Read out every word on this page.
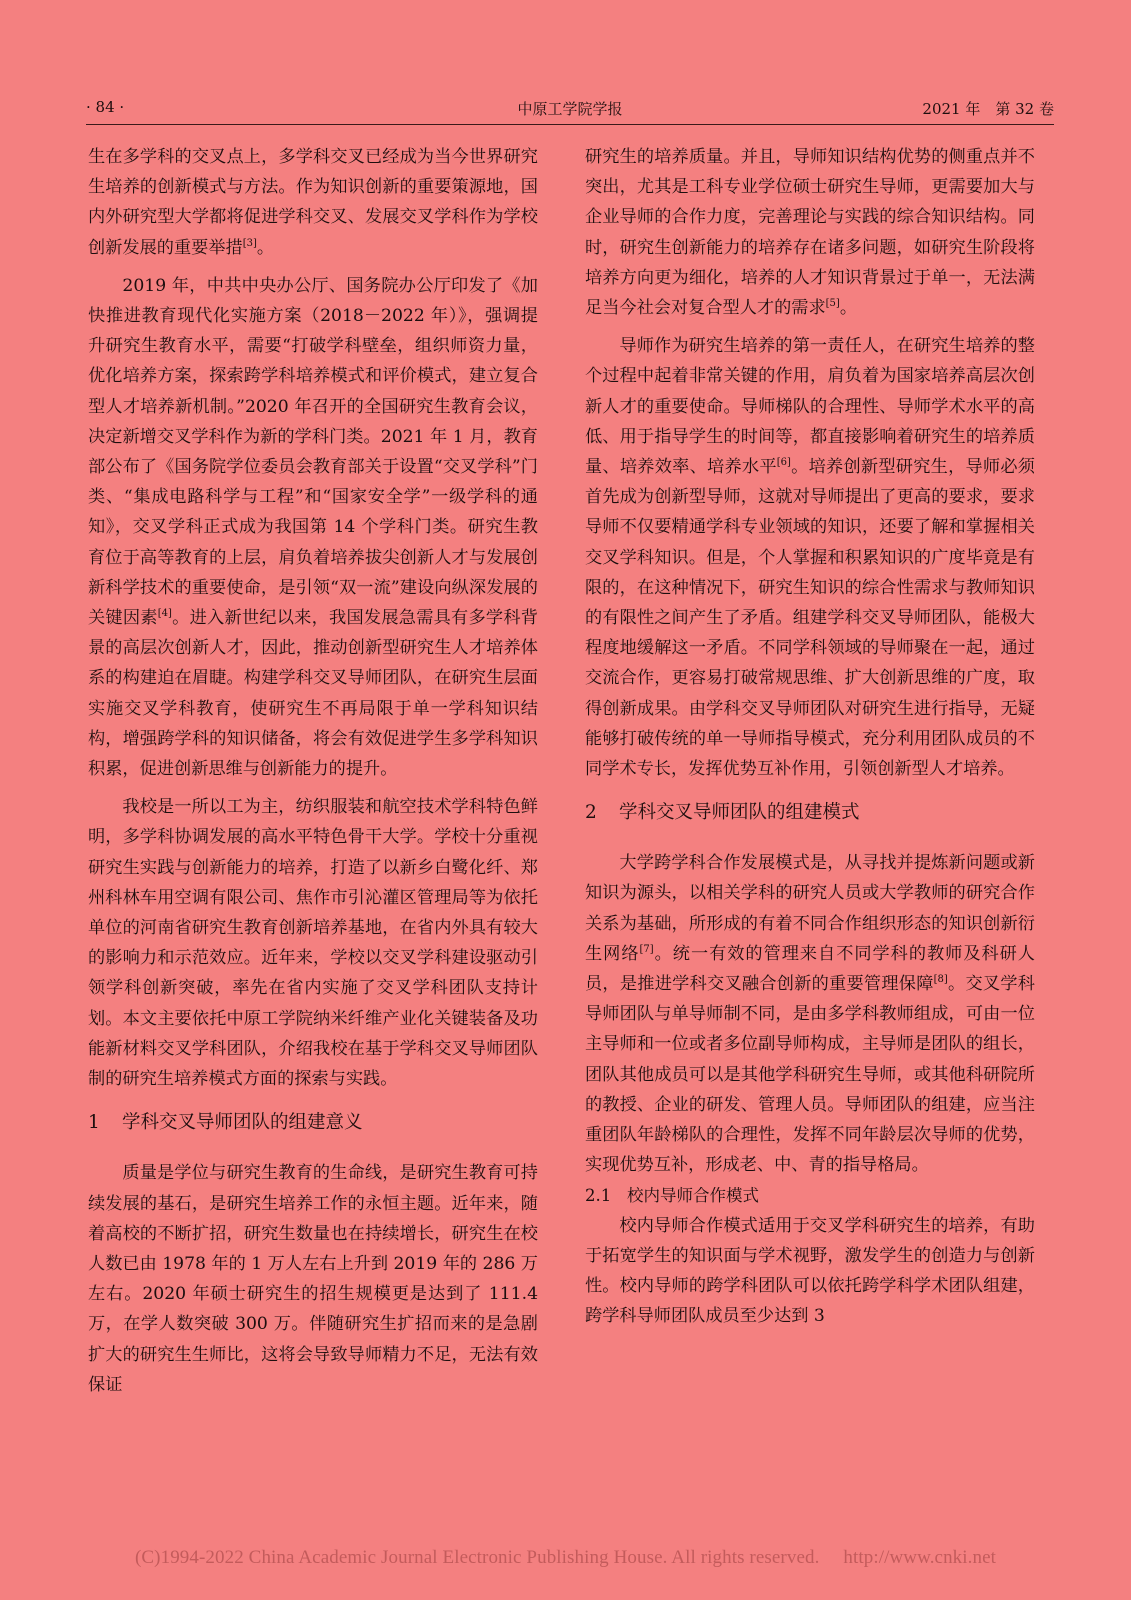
· 84 ·	中原工学院学报	2021 年　第 32 卷

生在多学科的交叉点上，多学科交叉已经成为当今世界研究生培养的创新模式与方法。作为知识创新的重要策源地，国内外研究型大学都将促进学科交叉、发展交叉学科作为学校创新发展的重要举措[3]。

2019 年，中共中央办公厅、国务院办公厅印发了《加快推进教育现代化实施方案（2018－2022 年）》，强调提升研究生教育水平，需要“打破学科壁垒，组织师资力量，优化培养方案，探索跨学科培养模式和评价模式，建立复合型人才培养新机制。”2020 年召开的全国研究生教育会议，决定新增交叉学科作为新的学科门类。2021 年 1 月，教育部公布了《国务院学位委员会教育部关于设置“交叉学科”门类、“集成电路科学与工程”和“国家安全学”一级学科的通知》，交叉学科正式成为我国第 14 个学科门类。研究生教育位于高等教育的上层，肩负着培养拔尖创新人才与发展创新科学技术的重要使命，是引领“双一流”建设向纵深发展的关键因素[4]。进入新世纪以来，我国发展急需具有多学科背景的高层次创新人才，因此，推动创新型研究生人才培养体系的构建迫在眉睫。构建学科交叉导师团队，在研究生层面实施交叉学科教育，使研究生不再局限于单一学科知识结构，增强跨学科的知识储备，将会有效促进学生多学科知识积累，促进创新思维与创新能力的提升。

我校是一所以工为主，纺织服装和航空技术学科特色鲜明，多学科协调发展的高水平特色骨干大学。学校十分重视研究生实践与创新能力的培养，打造了以新乡白鹭化纤、郑州科林车用空调有限公司、焦作市引沁灌区管理局等为依托单位的河南省研究生教育创新培养基地，在省内外具有较大的影响力和示范效应。近年来，学校以交叉学科建设驱动引领学科创新突破，率先在省内实施了交叉学科团队支持计划。本文主要依托中原工学院纳米纤维产业化关键装备及功能新材料交叉学科团队，介绍我校在基于学科交叉导师团队制的研究生培养模式方面的探索与实践。

1 学科交叉导师团队的组建意义

质量是学位与研究生教育的生命线，是研究生教育可持续发展的基石，是研究生培养工作的永恒主题。近年来，随着高校的不断扩招，研究生数量也在持续增长，研究生在校人数已由 1978 年的 1 万人左右上升到 2019 年的 286 万左右。2020 年硕士研究生的招生规模更是达到了 111.4 万，在学人数突破 300 万。伴随研究生扩招而来的是急剧扩大的研究生生师比，这将会导致导师精力不足，无法有效保证

研究生的培养质量。并且，导师知识结构优势的侧重点并不突出，尤其是工科专业学位硕士研究生导师，更需要加大与企业导师的合作力度，完善理论与实践的综合知识结构。同时，研究生创新能力的培养存在诸多问题，如研究生阶段将培养方向更为细化，培养的人才知识背景过于单一，无法满足当今社会对复合型人才的需求[5]。

导师作为研究生培养的第一责任人，在研究生培养的整个过程中起着非常关键的作用，肩负着为国家培养高层次创新人才的重要使命。导师梯队的合理性、导师学术水平的高低、用于指导学生的时间等，都直接影响着研究生的培养质量、培养效率、培养水平[6]。培养创新型研究生，导师必须首先成为创新型导师，这就对导师提出了更高的要求，要求导师不仅要精通学科专业领域的知识，还要了解和掌握相关交叉学科知识。但是，个人掌握和积累知识的广度毕竟是有限的，在这种情况下，研究生知识的综合性需求与教师知识的有限性之间产生了矛盾。组建学科交叉导师团队，能极大程度地缓解这一矛盾。不同学科领域的导师聚在一起，通过交流合作，更容易打破常规思维、扩大创新思维的广度，取得创新成果。由学科交叉导师团队对研究生进行指导，无疑能够打破传统的单一导师指导模式，充分利用团队成员的不同学术专长，发挥优势互补作用，引领创新型人才培养。

2 学科交叉导师团队的组建模式

大学跨学科合作发展模式是，从寻找并提炼新问题或新知识为源头，以相关学科的研究人员或大学教师的研究合作关系为基础，所形成的有着不同合作组织形态的知识创新衍生网络[7]。统一有效的管理来自不同学科的教师及科研人员，是推进学科交叉融合创新的重要管理保障[8]。交叉学科导师团队与单导师制不同，是由多学科教师组成，可由一位主导师和一位或者多位副导师构成，主导师是团队的组长，团队其他成员可以是其他学科研究生导师，或其他科研院所的教授、企业的研发、管理人员。导师团队的组建，应当注重团队年龄梯队的合理性，发挥不同年龄层次导师的优势，实现优势互补，形成老、中、青的指导格局。

2.1 校内导师合作模式

校内导师合作模式适用于交叉学科研究生的培养，有助于拓宽学生的知识面与学术视野，激发学生的创造力与创新性。校内导师的跨学科团队可以依托跨学科学术团队组建，跨学科导师团队成员至少达到 3

(C)1994-2022 China Academic Journal Electronic Publishing House. All rights reserved.　 http://www.cnki.net
